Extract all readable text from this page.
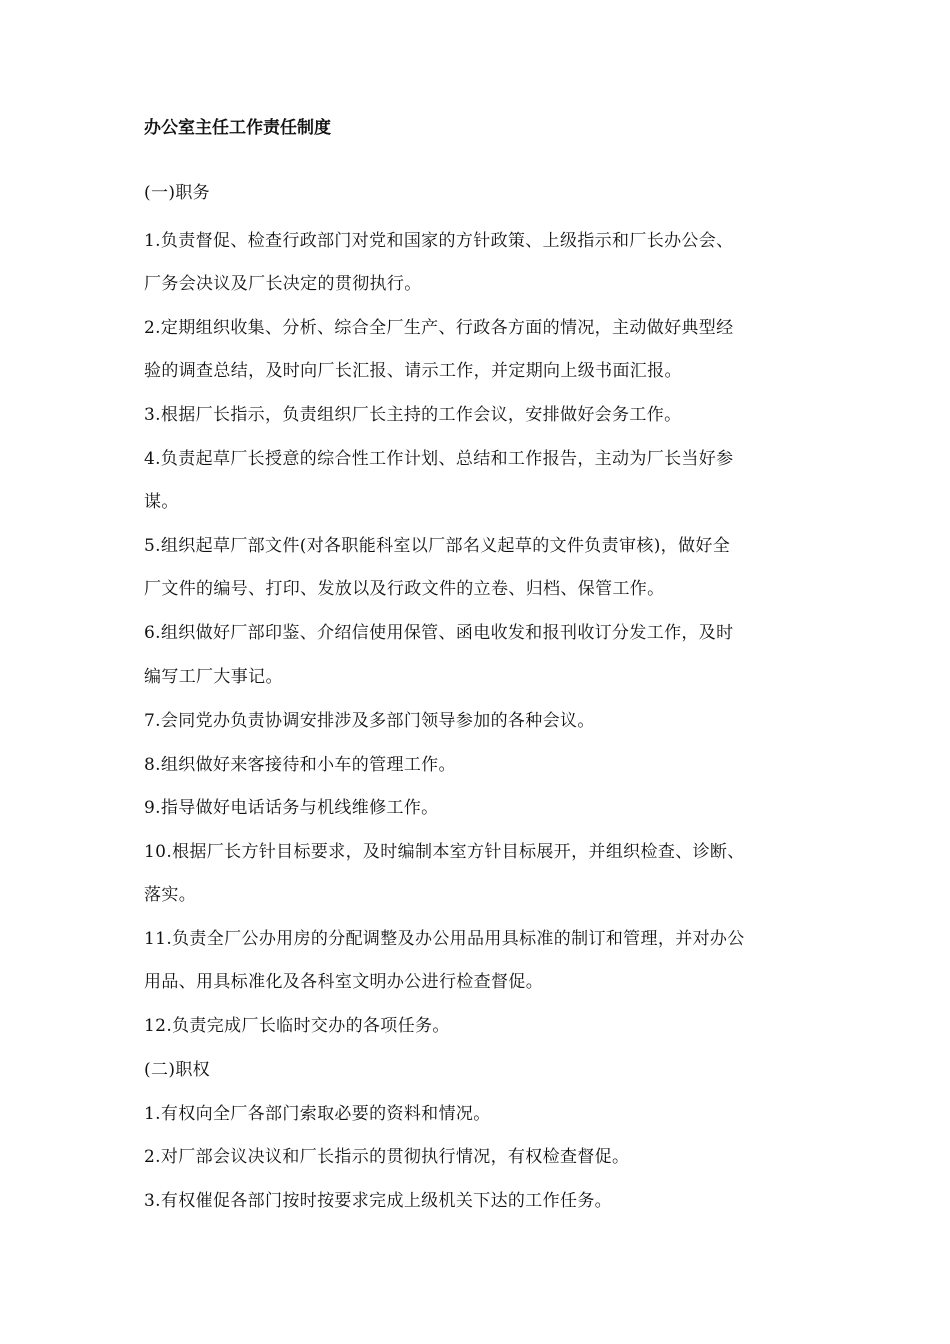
办公室主任工作责任制度
(一)职务
1.负责督促、检查行政部门对党和国家的方针政策、上级指示和厂长办公会、
厂务会决议及厂长决定的贯彻执行。
2.定期组织收集、分析、综合全厂生产、行政各方面的情况，主动做好典型经
验的调查总结，及时向厂长汇报、请示工作，并定期向上级书面汇报。
3.根据厂长指示，负责组织厂长主持的工作会议，安排做好会务工作。
4.负责起草厂长授意的综合性工作计划、总结和工作报告，主动为厂长当好参
谋。
5.组织起草厂部文件(对各职能科室以厂部名义起草的文件负责审核)，做好全
厂文件的编号、打印、发放以及行政文件的立卷、归档、保管工作。
6.组织做好厂部印鉴、介绍信使用保管、函电收发和报刊收订分发工作，及时
编写工厂大事记。
7.会同党办负责协调安排涉及多部门领导参加的各种会议。
8.组织做好来客接待和小车的管理工作。
9.指导做好电话话务与机线维修工作。
10.根据厂长方针目标要求，及时编制本室方针目标展开，并组织检查、诊断、
落实。
11.负责全厂公办用房的分配调整及办公用品用具标准的制订和管理，并对办公
用品、用具标准化及各科室文明办公进行检查督促。
12.负责完成厂长临时交办的各项任务。
(二)职权
1.有权向全厂各部门索取必要的资料和情况。
2.对厂部会议决议和厂长指示的贯彻执行情况，有权检查督促。
3.有权催促各部门按时按要求完成上级机关下达的工作任务。
